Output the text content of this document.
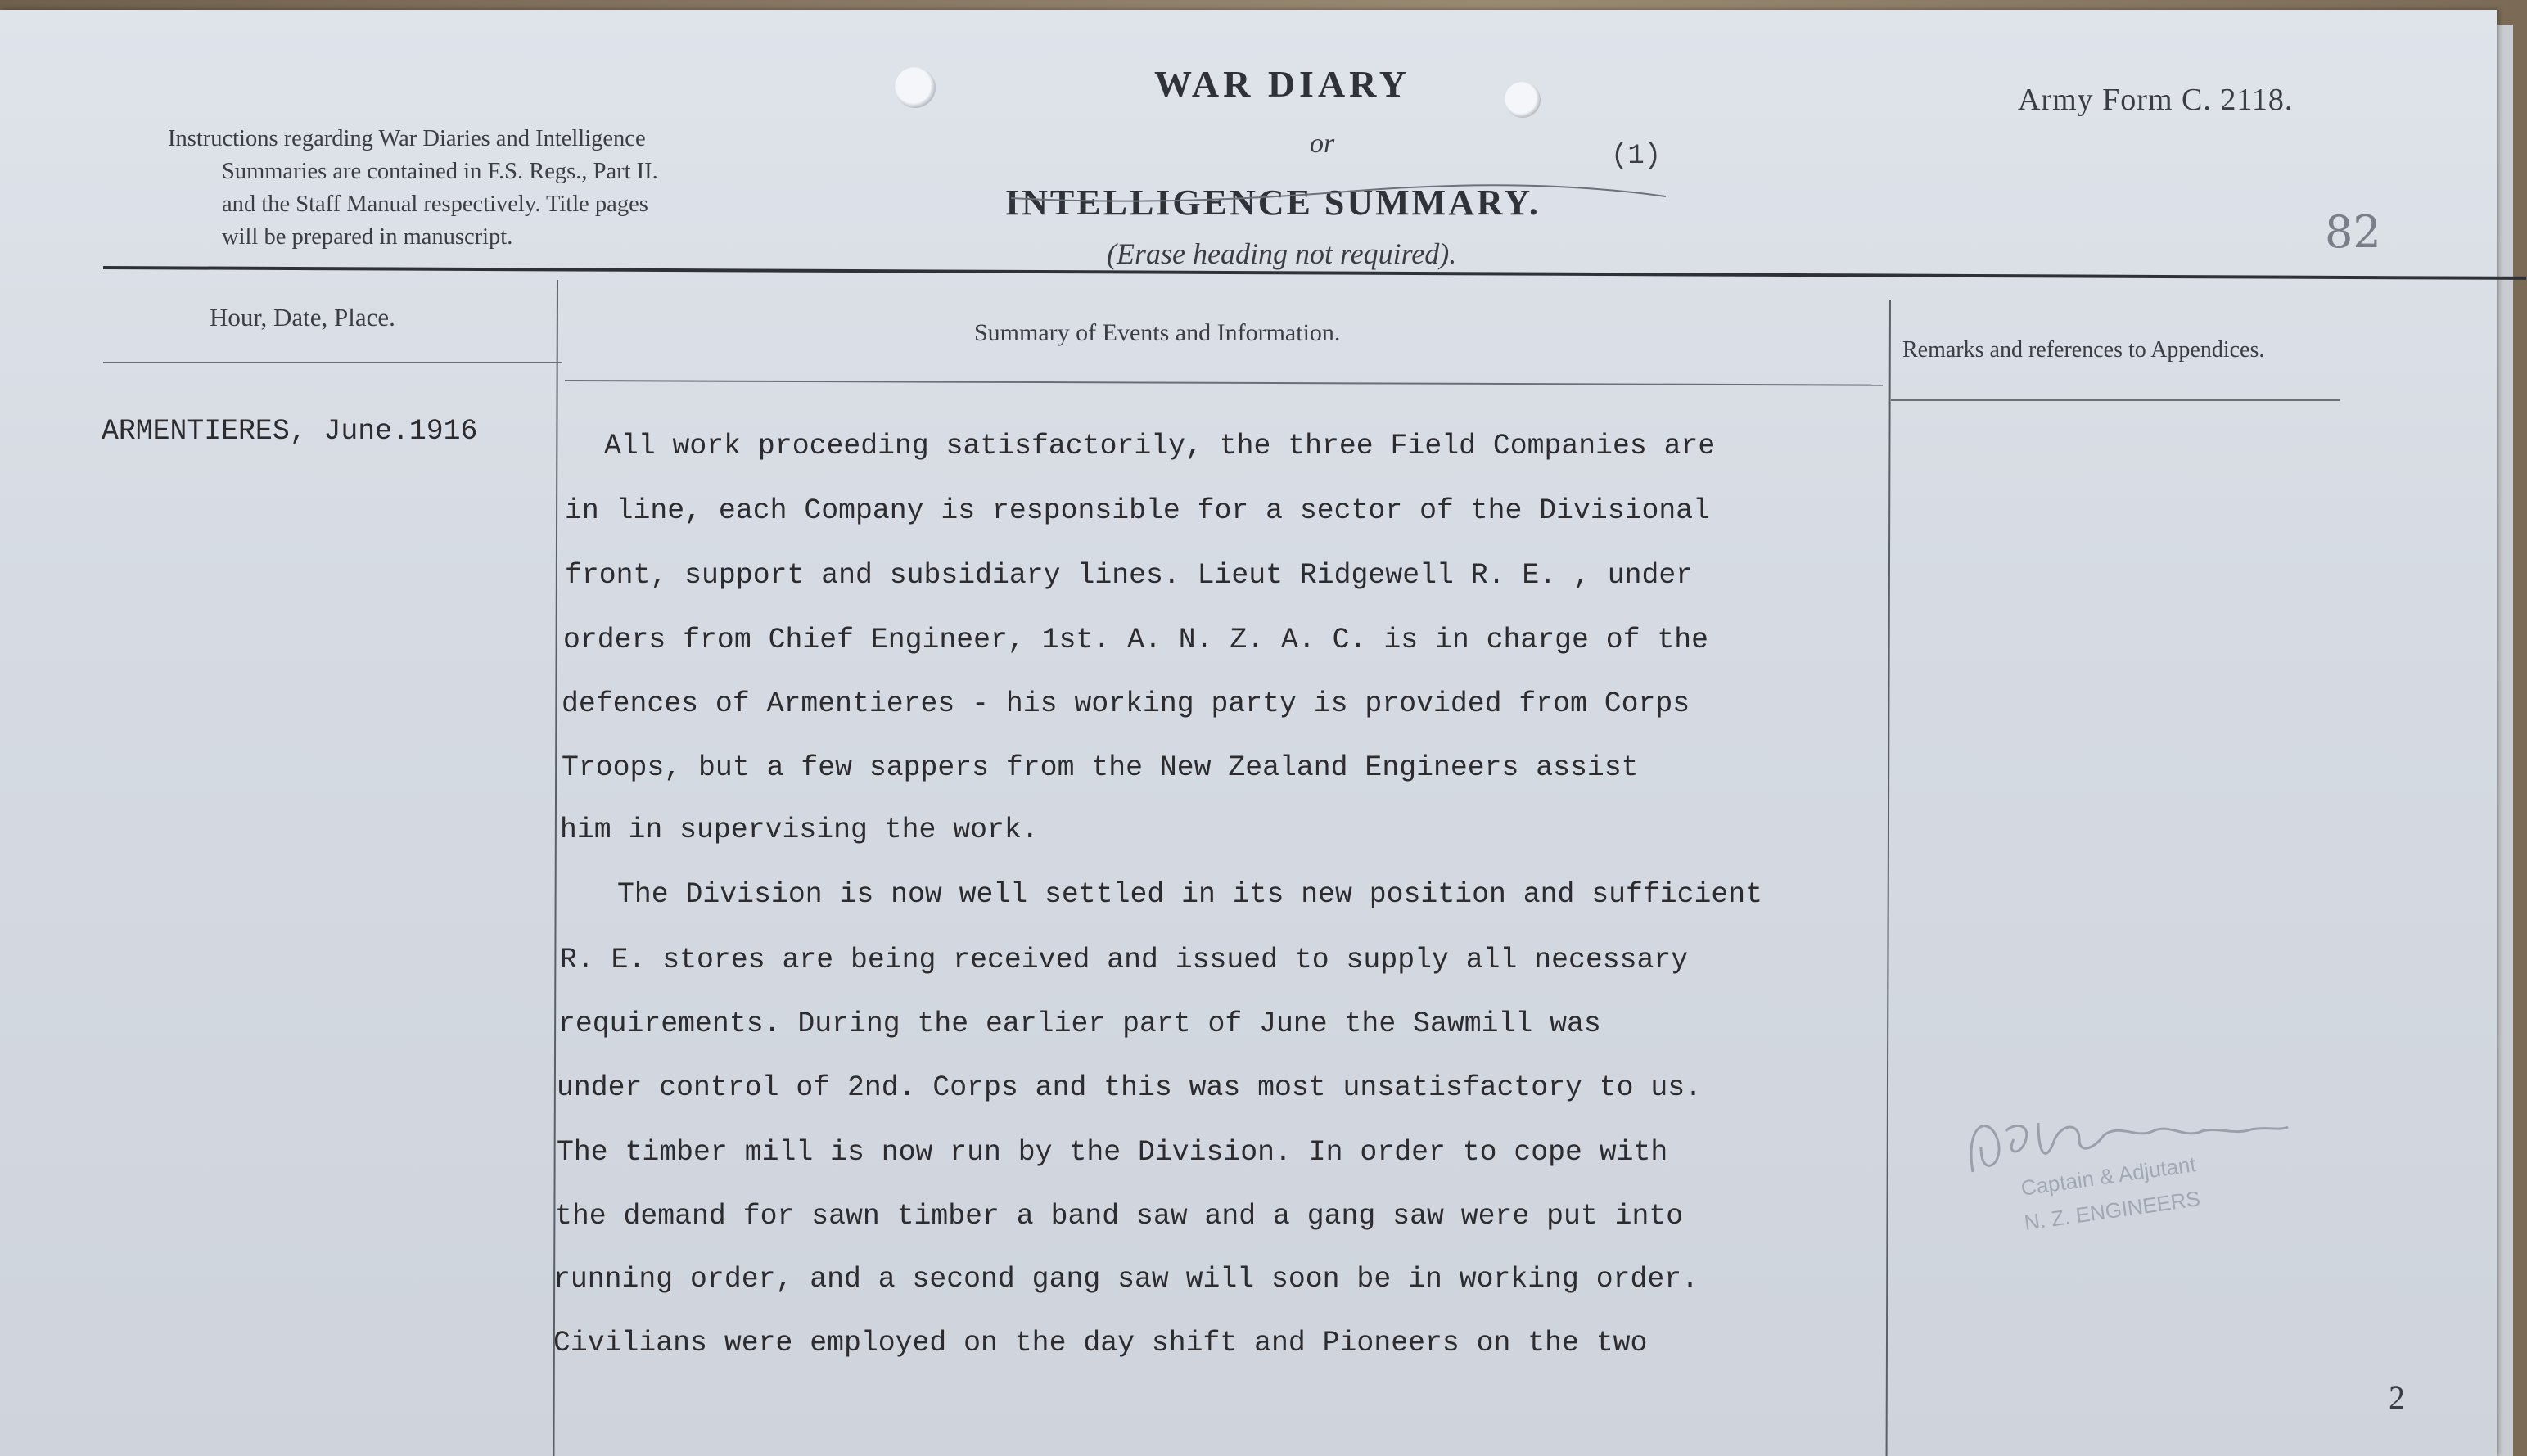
Instructions regarding War Diaries and Intelligence
Summaries are contained in F.S. Regs., Part II.
and the Staff Manual respectively. Title pages
will be prepared in manuscript.
WAR DIARY
or
INTELLIGENCE SUMMARY.
(Erase heading not required).
(1)
Army Form C. 2118.
82
Hour, Date, Place.
Summary of Events and Information.
Remarks and references to Appendices.
ARMENTIERES, June.1916	All work proceeding satisfactorily, the three Field Companies are
in line, each Company is responsible for a sector of the Divisional
front, support and subsidiary lines. Lieut Ridgewell R. E. , under
orders from Chief Engineer, 1st. A. N. Z. A. C. is in charge of the
defences of Armentieres - his working party is provided from Corps
Troops, but a few sappers from the New Zealand Engineers assist
him in supervising the work.
The Division is now well settled in its new position and sufficient
R. E. stores are being received and issued to supply all necessary
requirements. During the earlier part of June the Sawmill was
under control of 2nd. Corps and this was most unsatisfactory to us.
The timber mill is now run by the Division. In order to cope with
the demand for sawn timber a band saw and a gang saw were put into
running order, and a second gang saw will soon be in working order.
Civilians were employed on the day shift and Pioneers on the two
Captain & Adjutant
N. Z. ENGINEERS
2
